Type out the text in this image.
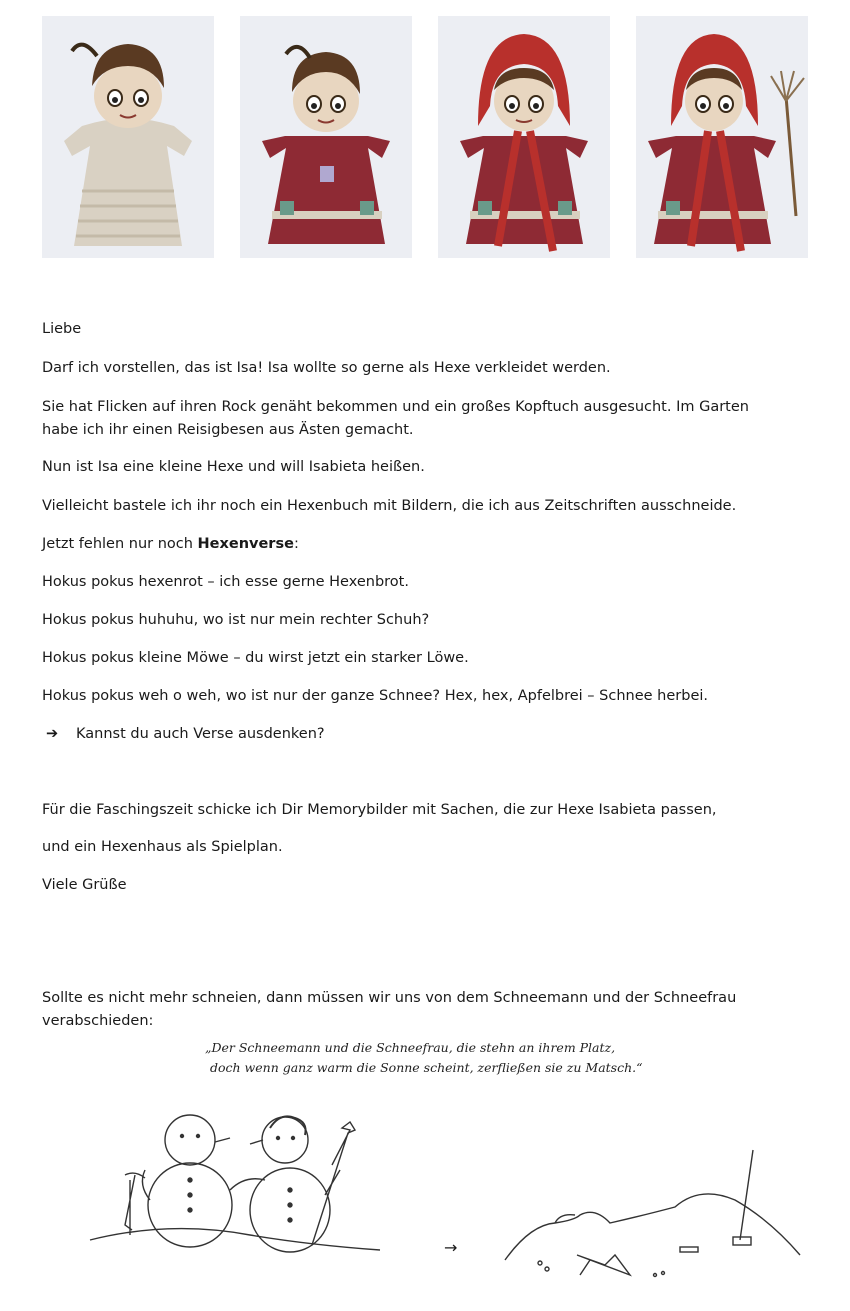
Liebe
Darf ich vorstellen, das ist Isa! Isa wollte so gerne als Hexe verkleidet werden.
Sie hat Flicken auf ihren Rock genäht bekommen und ein großes Kopftuch ausgesucht. Im Garten habe ich ihr einen Reisigbesen aus Ästen gemacht.
Nun ist Isa eine kleine Hexe und will Isabieta heißen.
Vielleicht bastele ich ihr noch ein Hexenbuch mit Bildern, die ich aus Zeitschriften ausschneide.
Jetzt fehlen nur noch Hexenverse:
Hokus pokus hexenrot – ich esse gerne Hexenbrot.
Hokus pokus huhuhu, wo ist nur mein rechter Schuh?
Hokus pokus kleine Möwe – du wirst jetzt ein starker Löwe.
Hokus pokus weh o weh, wo ist nur der ganze Schnee? Hex, hex, Apfelbrei – Schnee herbei.
➔ Kannst du auch Verse ausdenken?
Für die Faschingszeit schicke ich Dir Memorybilder mit Sachen, die zur Hexe Isabieta passen,
und ein Hexenhaus als Spielplan.
Viele Grüße
Sollte es nicht mehr schneien, dann müssen wir uns von dem Schneemann und der Schneefrau verabschieden:
„Der Schneemann und die Schneefrau, die stehn an ihrem Platz,
doch wenn ganz warm die Sonne scheint, zerfließen sie zu Matsch.“
→
